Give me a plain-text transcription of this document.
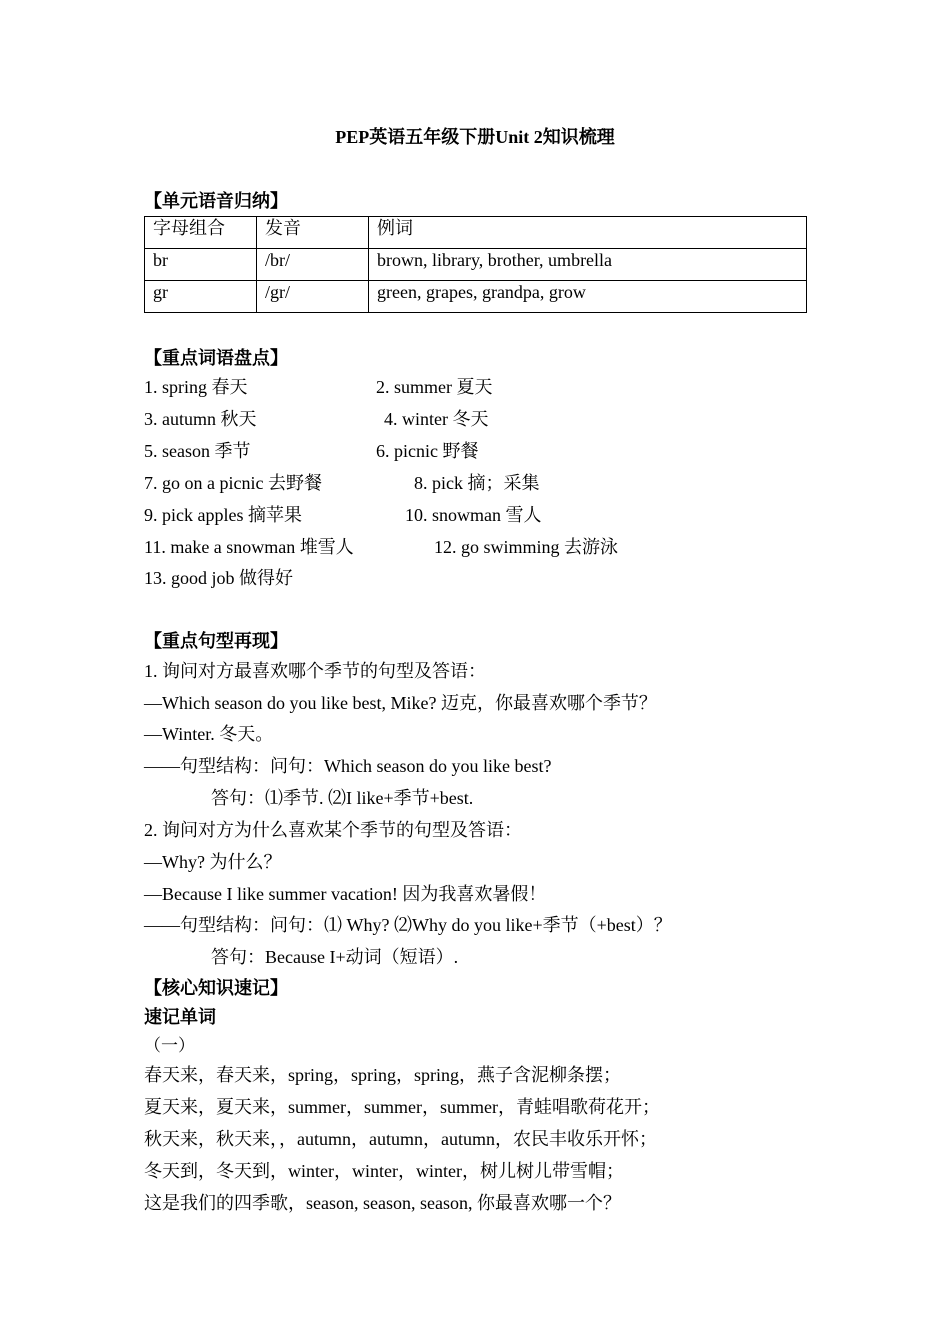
PEP英语五年级下册Unit 2知识梳理
【单元语音归纳】
字母组合	发音	例词
br	/br/	brown, library, brother, umbrella
gr	/gr/	green, grapes, grandpa, grow
【重点词语盘点】
1. spring 春天	2. summer 夏天
3. autumn 秋天	4. winter 冬天
5. season 季节	6. picnic 野餐
7. go on a picnic 去野餐	8. pick 摘；采集
9. pick apples 摘苹果	10. snowman 雪人
11. make a snowman 堆雪人	12. go swimming 去游泳
13. good job 做得好
【重点句型再现】
1. 询问对方最喜欢哪个季节的句型及答语：
—Which season do you like best, Mike? 迈克，你最喜欢哪个季节？
—Winter. 冬天。
——句型结构：问句：Which season do you like best?
答句：⑴季节. ⑵I like+季节+best.
2. 询问对方为什么喜欢某个季节的句型及答语：
—Why? 为什么？
—Because I like summer vacation! 因为我喜欢暑假！
——句型结构：问句：⑴ Why? ⑵Why do you like+季节（+best）？
答句：Because I+动词（短语）.
【核心知识速记】
速记单词
（一）
春天来，春天来，spring，spring，spring，燕子含泥柳条摆；
夏天来，夏天来，summer，summer，summer，青蛙唱歌荷花开；
秋天来，秋天来，，autumn，autumn，autumn，农民丰收乐开怀；
冬天到，冬天到，winter，winter，winter，树儿树儿带雪帽；
这是我们的四季歌，season, season, season, 你最喜欢哪一个？
